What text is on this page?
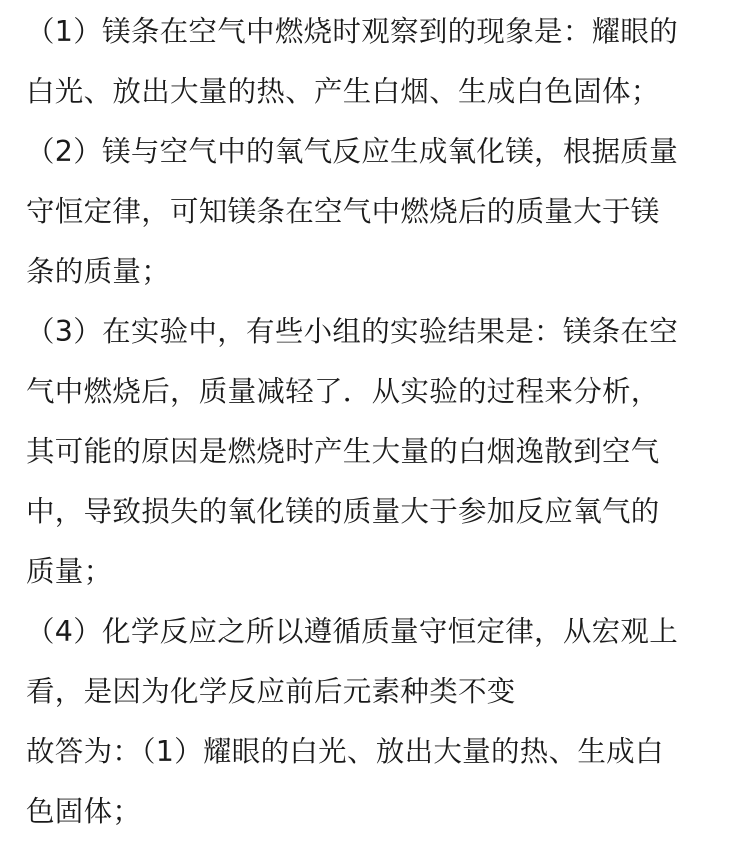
（1）镁条在空气中燃烧时观察到的现象是：耀眼的
白光、放出大量的热、产生白烟、生成白色固体；
（2）镁与空气中的氧气反应生成氧化镁，根据质量
守恒定律，可知镁条在空气中燃烧后的质量大于镁
条的质量；
（3）在实验中，有些小组的实验结果是：镁条在空
气中燃烧后，质量减轻了．从实验的过程来分析，
其可能的原因是燃烧时产生大量的白烟逸散到空气
中，导致损失的氧化镁的质量大于参加反应氧气的
质量；
（4）化学反应之所以遵循质量守恒定律，从宏观上
看，是因为化学反应前后元素种类不变
故答为：（1）耀眼的白光、放出大量的热、生成白
色固体；
